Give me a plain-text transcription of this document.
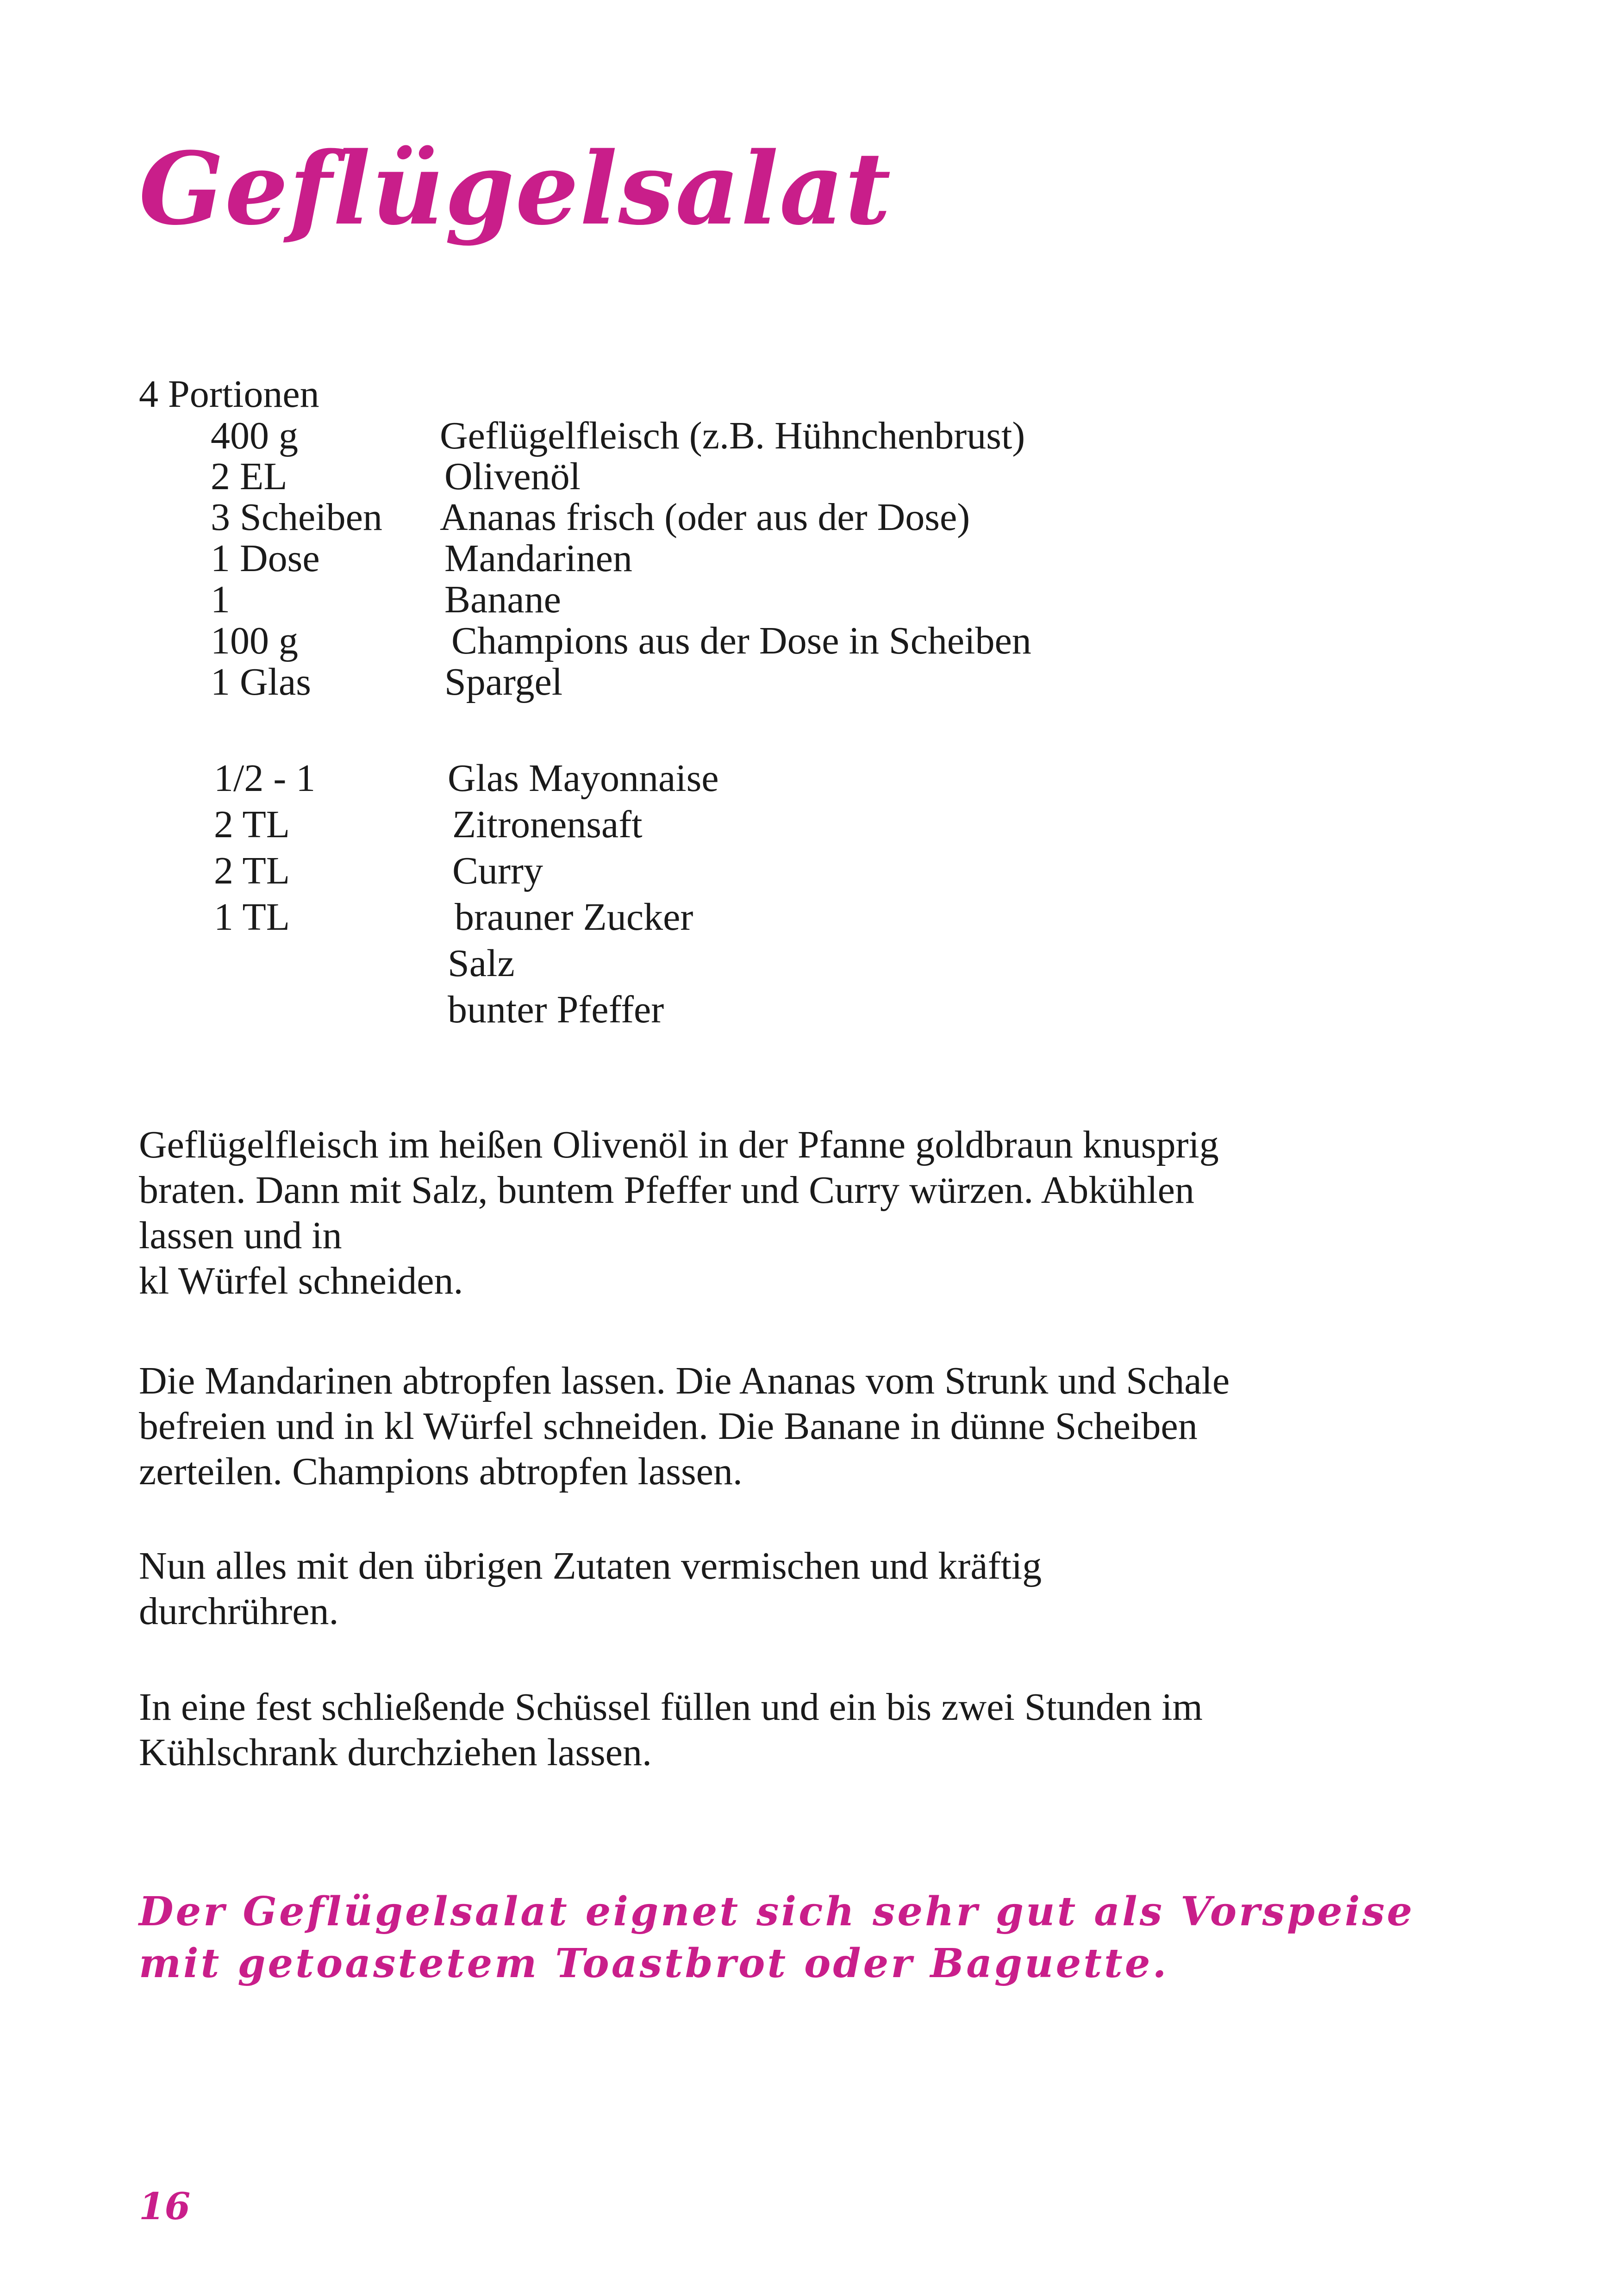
Geflügelsalat
4 Portionen
400 g	Geflügelfleisch (z.B. Hühnchenbrust)
2 EL	Olivenöl
3 Scheiben Ananas frisch (oder aus der Dose)
1 Dose	Mandarinen
1	Banane
100 g	Champions aus der Dose in Scheiben
1 Glas	Spargel
1/2 - 1	Glas Mayonnaise
2 TL	Zitronensaft
2 TL	Curry
1 TL	brauner Zucker
Salz
bunter Pfeffer

Geflügelfleisch im heißen Olivenöl in der Pfanne goldbraun knusprig
braten. Dann mit Salz, buntem Pfeffer und Curry würzen. Abkühlen
lassen und in
kl Würfel schneiden.

Die Mandarinen abtropfen lassen. Die Ananas vom Strunk und Schale
befreien und in kl Würfel schneiden. Die Banane in dünne Scheiben
zerteilen. Champions abtropfen lassen.

Nun alles mit den übrigen Zutaten vermischen und kräftig
durchrühren.

In eine fest schließende Schüssel füllen und ein bis zwei Stunden im
Kühlschrank durchziehen lassen.

Der Geflügelsalat eignet sich sehr gut als Vorspeise
mit getoastetem Toastbrot oder Baguette.
16
